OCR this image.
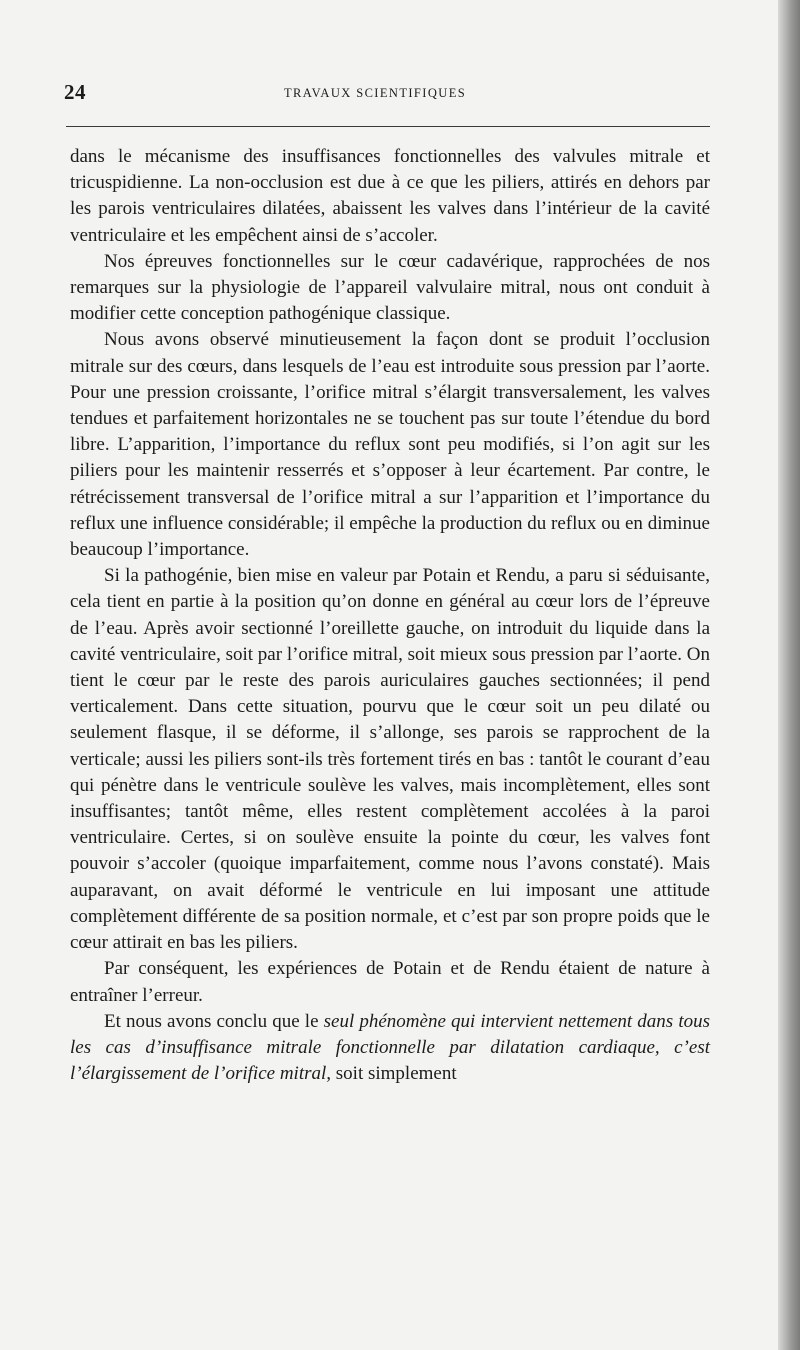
24	TRAVAUX SCIENTIFIQUES

dans le mécanisme des insuffisances fonctionnelles des valvules mitrale et tricuspidienne. La non-occlusion est due à ce que les piliers, attirés en dehors par les parois ventriculaires dilatées, abaissent les valves dans l’intérieur de la cavité ventriculaire et les empêchent ainsi de s’accoler.

Nos épreuves fonctionnelles sur le cœur cadavérique, rapprochées de nos remarques sur la physiologie de l’appareil valvulaire mitral, nous ont conduit à modifier cette conception pathogénique classique.

Nous avons observé minutieusement la façon dont se produit l’occlusion mitrale sur des cœurs, dans lesquels de l’eau est introduite sous pression par l’aorte. Pour une pression croissante, l’orifice mitral s’élargit transversalement, les valves tendues et parfaitement horizontales ne se touchent pas sur toute l’étendue du bord libre. L’apparition, l’importance du reflux sont peu modifiés, si l’on agit sur les piliers pour les maintenir resserrés et s’opposer à leur écartement. Par contre, le rétrécissement transversal de l’orifice mitral a sur l’apparition et l’importance du reflux une influence considérable; il empêche la production du reflux ou en diminue beaucoup l’importance.

Si la pathogénie, bien mise en valeur par Potain et Rendu, a paru si séduisante, cela tient en partie à la position qu’on donne en général au cœur lors de l’épreuve de l’eau. Après avoir sectionné l’oreillette gauche, on introduit du liquide dans la cavité ventriculaire, soit par l’orifice mitral, soit mieux sous pression par l’aorte. On tient le cœur par le reste des parois auriculaires gauches sectionnées; il pend verticalement. Dans cette situation, pourvu que le cœur soit un peu dilaté ou seulement flasque, il se déforme, il s’allonge, ses parois se rapprochent de la verticale; aussi les piliers sont-ils très fortement tirés en bas : tantôt le courant d’eau qui pénètre dans le ventricule soulève les valves, mais incomplètement, elles sont insuffisantes; tantôt même, elles restent complètement accolées à la paroi ventriculaire. Certes, si on soulève ensuite la pointe du cœur, les valves font pouvoir s’accoler (quoique imparfaitement, comme nous l’avons constaté). Mais auparavant, on avait déformé le ventricule en lui imposant une attitude complètement différente de sa position normale, et c’est par son propre poids que le cœur attirait en bas les piliers.

Par conséquent, les expériences de Potain et de Rendu étaient de nature à entraîner l’erreur.

Et nous avons conclu que le seul phénomène qui intervient nettement dans tous les cas d’insuffisance mitrale fonctionnelle par dilatation cardiaque, c’est l’élargissement de l’orifice mitral, soit simplement
